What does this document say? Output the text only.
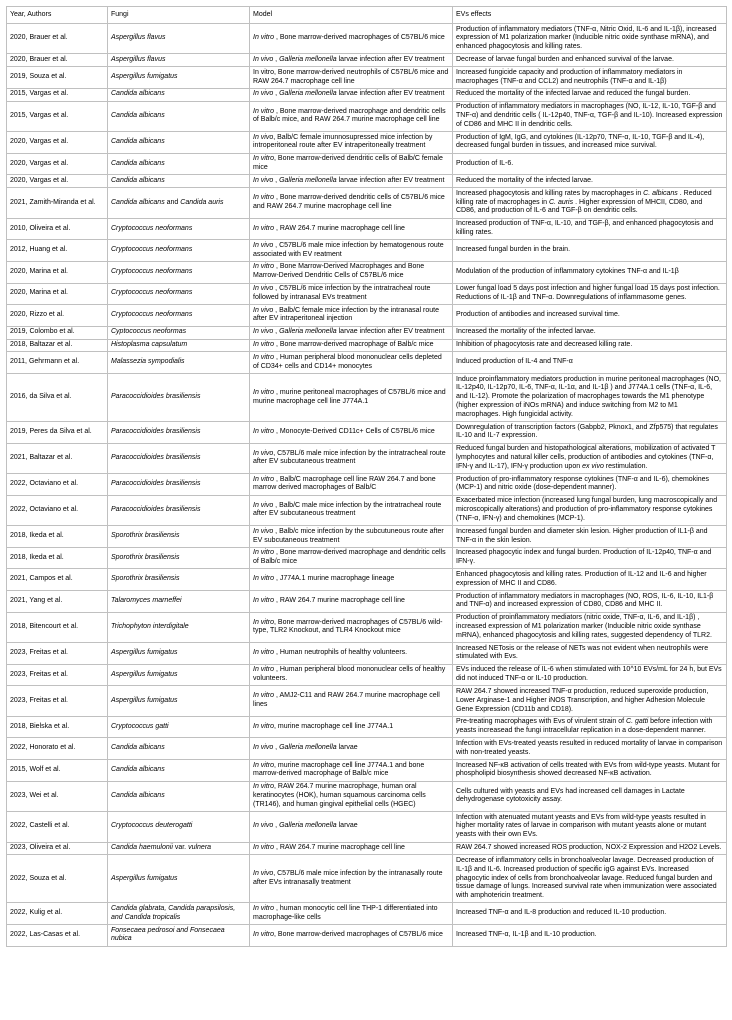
Year, Authors	Fungi	Model	EVs effects
2020, Brauer et al.	Aspergillus flavus	In vitro , Bone marrow-derived macrophages of C57BL/6 mice	Production of inflammatory mediators (TNF-α, Nitric Oxid, IL-6 and IL-1β), increased expression of M1 polarization marker (Inducible nitric oxide synthase mRNA), and enhanced phagocytosis and killing rates.
2020, Brauer et al.	Aspergillus flavus	In vivo , Galleria mellonella larvae infection after EV treatment	Decrease of larvae fungal burden and enhanced survival of the larvae.
2019, Souza et al.	Aspergillus fumigatus	In vitro, Bone marrow-derived neutrophils of C57BL/6 mice and RAW 264.7 macrophage cell line	Increased fungicide capacity and production of inflammatory mediators in macrophages (TNF-α and CCL2) and neutrophils (TNF-α and IL-1β)
2015, Vargas et al.	Candida albicans	In vivo , Galleria mellonella larvae infection after EV treatment	Reduced the mortality of the infected larvae and reduced the fungal burden.
2015, Vargas et al.	Candida albicans	In vitro , Bone marrow-derived macrophage and dendritic cells of Balb/c mice, and RAW 264.7 murine macrophage cell line	Production of inflammatory mediators in macrophages (NO, IL-12, IL-10, TGF-β and TNF-α) and dendritic cells ( IL-12p40, TNF-α, TGF-β and IL-10). Increased expression of CD86 and MHC II in dendritic cells.
2020, Vargas et al.	Candida albicans	In vivo, Balb/C female imunnosupressed mice infection by introperitoneal route after EV intraperitoneally treatment	Production of IgM, IgG, and cytokines (IL-12p70, TNF-α, IL-10, TGF-β and IL-4), decreased fungal burden in tissues, and increased mice survival.
2020, Vargas et al.	Candida albicans	In vitro, Bone marrow-derived dendritic cells of Balb/C female mice	Production of IL-6.
2020, Vargas et al.	Candida albicans	In vivo , Galleria mellonella larvae infection after EV treatment	Reduced the mortality of the infected larvae.
2021, Zamith-Miranda et al.	Candida albicans and Candida auris	In vitro , Bone marrow-derived dendritic cells of C57BL/6 mice and RAW 264.7 murine macrophage cell line	Increased phagocytosis and killing rates by macrophages in C. albicans . Reduced killing rate of macrophages in C. auris . Higher expression of MHCII, CD80, and CD86, and production of IL-6 and TGF-β on dendritic cells.
2010, Oliveira et al.	Cryptococcus neoformans	In vitro , RAW 264.7 murine macrophage cell line	Increased production of TNF-α, IL-10, and TGF-β, and enhanced phagocytosis and killing rates.
2012, Huang et al.	Cryptococcus neoformans	In vivo , C57BL/6 male mice infection by hematogenous route associated with EV reatment	Increased fungal burden in the brain.
2020, Marina et al.	Cryptococcus neoformans	In vitro , Bone Marrow-Derived Macrophages and Bone Marrow-Derived Dendritic Cells of C57BL/6 mice	Modulation of the production of inflammatory cytokines TNF-α and IL-1β
2020, Marina et al.	Cryptococcus neoformans	In vivo , C57BL/6 mice infection by the intratracheal route followed by intranasal EVs treatment	Lower fungal load 5 days post infection and higher fungal load 15 days post infection. Reductions of IL-1β and TNF-α. Downregulations of inflammasome genes.
2020, Rizzo et al.	Cryptococcus neoformans	In vivo , Balb/C female mice infection by the intranasal route after EV intraperitoneal injection	Production of antibodies and increased survival time.
2019, Colombo et al.	Cyptococcus neoformas	In vivo , Galleria mellonella larvae infection after EV treatment	Increased the mortality of the infected larvae.
2018, Baltazar et al.	Histoplasma capsulatum	In vitro , Bone marrow-derived macrophage of Balb/c mice	Inhibition of phagocytosis rate and decreased killing rate.
2011, Gehrmann et al.	Malassezia sympodialis	In vitro , Human peripheral blood mononuclear cells depleted of CD34+ cells and CD14+ monocytes	Induced production of IL-4 and TNF-α
2016, da Silva et al.	Paracoccidioides brasiliensis	In vitro , murine peritoneal macrophages of C57BL/6 mice and murine macrophage cell line J774A.1	Induce proinflammatory mediators production in murine peritoneal macrophages (NO, IL-12p40, IL-12p70, IL-6, TNF-α, IL-1α, and IL-1β ) and J774A.1 cells (TNF-α, IL-6, and IL-12). Promote the polarization of macrophages towards the M1 phenotype (higher expression of iNOs mRNA) and induce switching from M2 to M1 macrophages. High fungicidal activity.
2019, Peres da Silva et al.	Paracoccidioides brasiliensis	In vitro , Monocyte-Derived CD11c+ Cells of C57BL/6 mice	Downregulation of transcription factors (Gabpb2, Pknox1, and Zfp575) that regulates IL-10 and IL-7 expression.
2021, Baltazar et al.	Paracoccidioides brasiliensis	In vivo, C57BL/6 male mice infection by the intratracheal route after EV subcutaneous treatment	Reduced fungal burden and histopathological alterations, mobilization of activated T lymphocytes and natural killer cells, production of antibodies and cytokines (TNF-α, IFN-γ and IL-17), IFN-γ production upon ex vivo restimulation.
2022, Octaviano et al.	Paracoccidioides brasiliensis	In vitro , Balb/C macrophage cell line RAW 264.7 and bone marrow derived macrophages of Balb/C	Production of pro-inflammatory response cytokines (TNF-α and IL-6), chemokines (MCP-1) and nitric oxide (dose-dependent manner).
2022, Octaviano et al.	Paracoccidioides brasiliensis	In vivo , Balb/C male mice infection by the intratracheal route after EV subcutaneous treatment	Exacerbated mice infection (increased lung fungal burden, lung macroscopically and microscopically alterations) and production of pro-inflammatory response cytokines (TNF-α, IFN-γ) and chemokines (MCP-1).
2018, Ikeda et al.	Sporothrix brasiliensis	In vivo , Balb/c mice infection by the subcutuneous route after EV subcutaneous treatment	Increased fungal burden and diameter skin lesion. Higher production of IL1-β and TNF-α in the skin lesion.
2018, Ikeda et al.	Sporothrix brasiliensis	In vitro , Bone marrow-derived macrophage and dendritic cells of Balb/c mice	Increased phagocytic index and fungal burden. Production of IL-12p40, TNF-α and IFN-γ.
2021, Campos et al.	Sporothrix brasiliensis	In vitro , J774A.1 murine macrophage lineage	Enhanced phagocytosis and killing rates. Production of IL-12 and IL-6 and higher expression of MHC II and CD86.
2021, Yang et al.	Talaromyces marneffei	In vitro , RAW 264.7 murine macrophage cell line	Production of inflammatory mediators in macrophages (NO, ROS, IL-6, IL-10, IL1-β and TNF-α) and increased expression of CD80, CD86 and MHC II.
2018, Bitencourt et al.	Trichophyton interdigitale	In vitro, Bone marrow-derived macrophages of C57BL/6 wild-type, TLR2 Knockout, and TLR4 Knockout mice	Production of proinflammatory mediators (nitric oxide, TNF-α, IL-6, and IL-1β) , increased expression of M1 polarization marker (Inducible nitric oxide synthase mRNA), enhanced phagocytosis and killing rates, suggested dependency of TLR2.
2023, Freitas et al.	Aspergillus fumigatus	In vitro , Human neutrophils of healthy volunteers.	Increased NETosis or the release of NETs was not evident when neutrophils were stimulated with Evs.
2023, Freitas et al.	Aspergillus fumigatus	In vitro , Human peripheral blood mononuclear cells of healthy volunteers.	EVs induced the release of IL-6 when stimulated with 10^10 EVs/mL for 24 h, but EVs did not induced TNF-α or IL-10 production.
2023, Freitas et al.	Aspergillus fumigatus	In vitro , AMJ2-C11 and RAW 264.7 murine macrophage cell lines	RAW 264.7 showed increased TNF-α production, reduced superoxide production, Lower Arginase-1 and Higher iNOS Transcription, and higher Adhesion Molecule Gene Expression (CD11b and CD18).
2018, Bielska et al.	Cryptococcus gatti	In vitro, murine macrophage cell line J774A.1	Pre-treating macrophages with Evs of virulent strain of C. gatti before infection with yeasts increasead the fungi intracellular replication in a dose-dependent manner.
2022, Honorato et al.	Candida albicans	In vivo , Galleria mellonella larvae	Infection with EVs-treated yeasts resulted in reduced mortality of larvae in comparison with non-treated yeasts.
2015, Wolf et al.	Candida albicans	In vitro, murine macrophage cell line J774A.1 and bone marrow-derived macrophage of Balb/c mice	Increased NF-κB activation of cells treated with EVs from wild-type yeasts. Mutant for phospholipid biosynthesis showed decreased NF-κB activation.
2023, Wei et al.	Candida albicans	In vitro, RAW 264.7 murine macrophage, human oral keratinocytes (HOK), human squamous carcinoma cells (TR146), and human gingival epithelial cells (HGEC)	Cells cultured with yeasts and EVs had increased cell damages in Lactate dehydrogenase cytotoxicity assay.
2022, Castelli et al.	Cryptococcus deuterogatti	In vivo , Galleria mellonella larvae	Infection with atenuated mutant yeasts and EVs from wild-type yeasts resulted in higher mortality rates of larvae in comparison with mutant yeasts alone or mutant yeasts with their own EVs.
2023, Oliveira et al.	Candida haemulonii var. vulnera	In vitro , RAW 264.7 murine macrophage cell line	RAW 264.7 showed increased ROS production, NOX-2 Expression and H2O2 Levels.
2022, Souza et al.	Aspergillus fumigatus	In vivo, C57BL/6 male mice infection by the intranasally route after EVs intranasally treatment	Decrease of inflammatory cells in bronchoalveolar lavage. Decreased production of IL-1β and IL-6. Increased production of specific igG against EVs. Increased phagocytic index of cells from bronchoalveolar lavage. Reduced fungal burden and tissue damage of lungs. Increased survival rate when immunization were associated with amphotericin treatment.
2022, Kulig et al.	Candida glabrata, Candida parapsilosis, and Candida tropicalis	In vitro , human monocytic cell line THP-1 differentiated into macrophage-like cells	Increased TNF-α and IL-8 production and reduced IL-10 production.
2022, Las-Casas et al.	Fonsecaea pedrosoi and Fonsecaea nubica	In vitro, Bone marrow-derived macrophages of C57BL/6 mice	Increased TNF-α, IL-1β and IL-10 production.
